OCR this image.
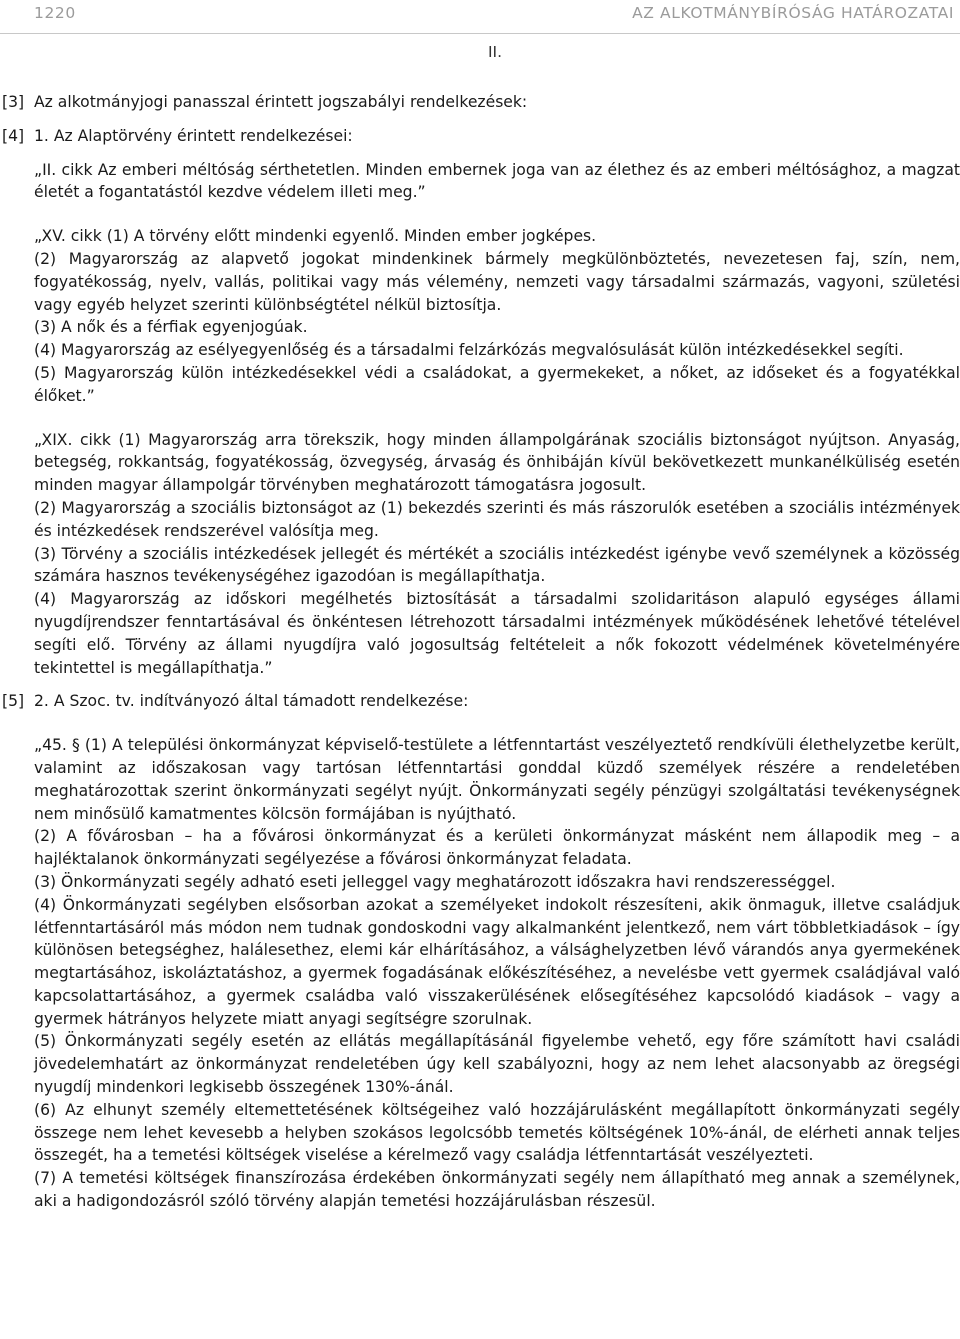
1220	AZ ALKOTMÁNYBÍRÓSÁG HATÁROZATAI
II.
[3] Az alkotmányjogi panasszal érintett jogszabályi rendelkezések:
[4] 1. Az Alaptörvény érintett rendelkezései:

„II. cikk Az emberi méltóság sérthetetlen. Minden embernek joga van az élethez és az emberi méltósághoz, a magzat életét a fogantatástól kezdve védelem illeti meg.”

„XV. cikk (1) A törvény előtt mindenki egyenlő. Minden ember jogképes.

(2) Magyarország az alapvető jogokat mindenkinek bármely megkülönböztetés, nevezetesen faj, szín, nem, fogyatékosság, nyelv, vallás, politikai vagy más vélemény, nemzeti vagy társadalmi származás, vagyoni, születési vagy egyéb helyzet szerinti különbségtétel nélkül biztosítja.

(3) A nők és a férfiak egyenjogúak.

(4) Magyarország az esélyegyenlőség és a társadalmi felzárkózás megvalósulását külön intézkedésekkel segíti.

(5) Magyarország külön intézkedésekkel védi a családokat, a gyermekeket, a nőket, az időseket és a fogyatékkal élőket.”

„XIX. cikk (1) Magyarország arra törekszik, hogy minden állampolgárának szociális biztonságot nyújtson. Anyaság, betegség, rokkantság, fogyatékosság, özvegység, árvaság és önhibáján kívül bekövetkezett munkanélküliség esetén minden magyar állampolgár törvényben meghatározott támogatásra jogosult.

(2) Magyarország a szociális biztonságot az (1) bekezdés szerinti és más rászorulók esetében a szociális intézmények és intézkedések rendszerével valósítja meg.

(3) Törvény a szociális intézkedések jellegét és mértékét a szociális intézkedést igénybe vevő személynek a közösség számára hasznos tevékenységéhez igazodóan is megállapíthatja.

(4) Magyarország az időskori megélhetés biztosítását a társadalmi szolidaritáson alapuló egységes állami nyugdíjrendszer fenntartásával és önkéntesen létrehozott társadalmi intézmények működésének lehetővé tételével segíti elő. Törvény az állami nyugdíjra való jogosultság feltételeit a nők fokozott védelmének követelményére tekintettel is megállapíthatja.”

[5] 2. A Szoc. tv. indítványozó által támadott rendelkezése:

„45. § (1) A települési önkormányzat képviselő-testülete a létfenntartást veszélyeztető rendkívüli élethelyzetbe került, valamint az időszakosan vagy tartósan létfenntartási gonddal küzdő személyek részére a rendeletében meghatározottak szerint önkormányzati segélyt nyújt. Önkormányzati segély pénzügyi szolgáltatási tevékenységnek nem minősülő kamatmentes kölcsön formájában is nyújtható.

(2) A fővárosban – ha a fővárosi önkormányzat és a kerületi önkormányzat másként nem állapodik meg – a hajléktalanok önkormányzati segélyezése a fővárosi önkormányzat feladata.

(3) Önkormányzati segély adható eseti jelleggel vagy meghatározott időszakra havi rendszerességgel.

(4) Önkormányzati segélyben elsősorban azokat a személyeket indokolt részesíteni, akik önmaguk, illetve családjuk létfenntartásáról más módon nem tudnak gondoskodni vagy alkalmanként jelentkező, nem várt többletkiadások – így különösen betegséghez, halálesethez, elemi kár elhárításához, a válsághelyzetben lévő várandós anya gyermekének megtartásához, iskoláztatáshoz, a gyermek fogadásának előkészítéséhez, a nevelésbe vett gyermek családjával való kapcsolattartásához, a gyermek családba való visszakerülésének elősegítéséhez kapcsolódó kiadások – vagy a gyermek hátrányos helyzete miatt anyagi segítségre szorulnak.

(5) Önkormányzati segély esetén az ellátás megállapításánál figyelembe vehető, egy főre számított havi családi jövedelemhatárt az önkormányzat rendeletében úgy kell szabályozni, hogy az nem lehet alacsonyabb az öregségi nyugdíj mindenkori legkisebb összegének 130%-ánál.

(6) Az elhunyt személy eltemettetésének költségeihez való hozzájárulásként megállapított önkormányzati segély összege nem lehet kevesebb a helyben szokásos legolcsóbb temetés költségének 10%-ánál, de elérheti annak teljes összegét, ha a temetési költségek viselése a kérelmező vagy családja létfenntartását veszélyezteti.

(7) A temetési költségek finanszírozása érdekében önkormányzati segély nem állapítható meg annak a személynek, aki a hadigondozásról szóló törvény alapján temetési hozzájárulásban részesül.
